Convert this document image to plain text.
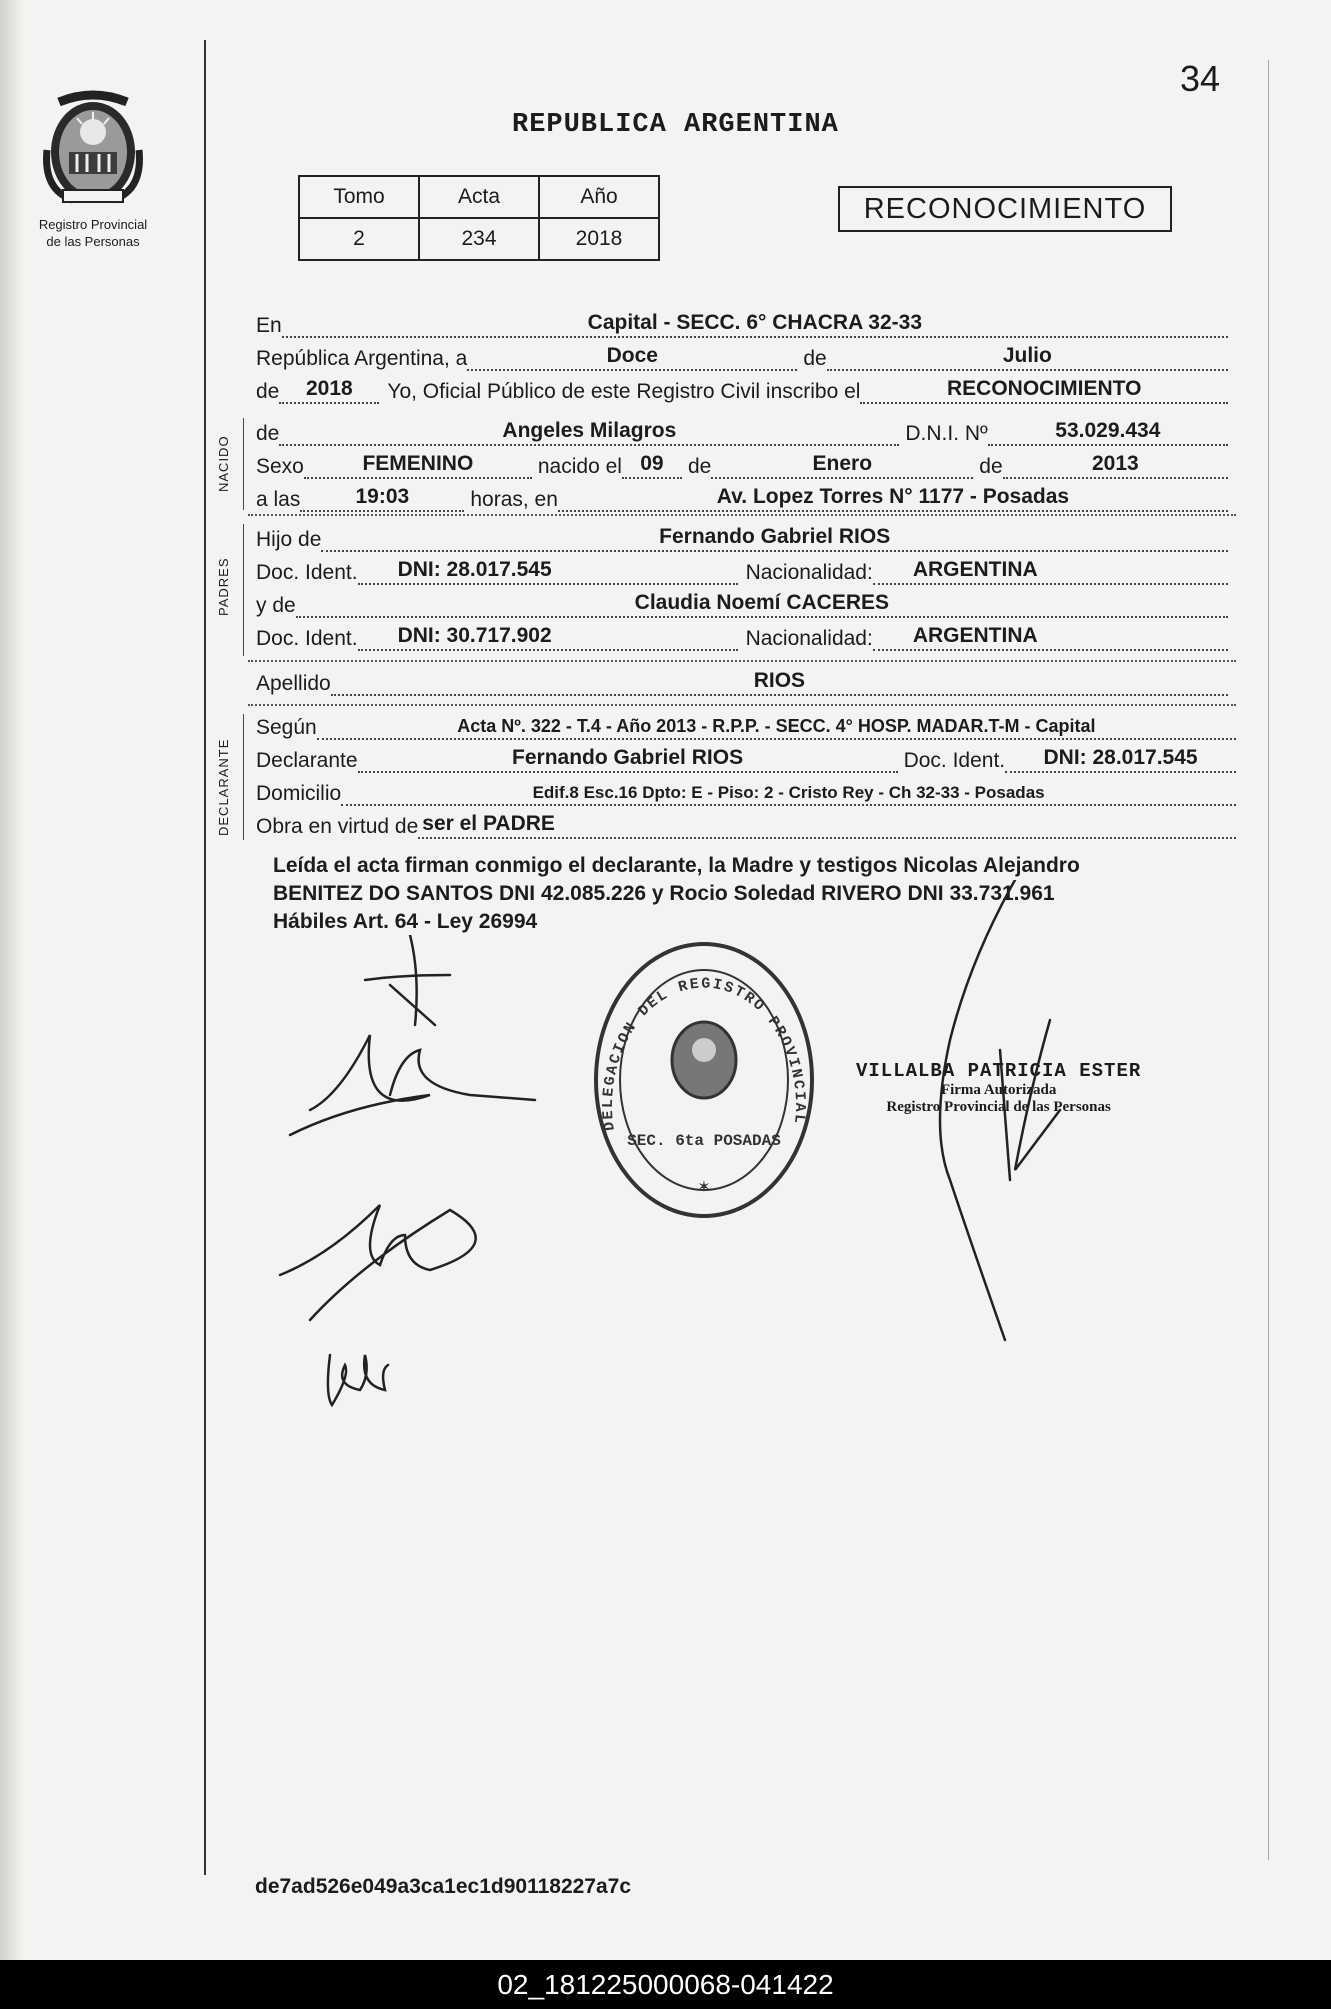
34
Registro Provincial
de las Personas
REPUBLICA ARGENTINA
Tomo	Acta	Año
2	234	2018
RECONOCIMIENTO
En	Capital - SECC. 6° CHACRA 32-33
República Argentina, a	Doce	de	Julio
de	2018	Yo, Oficial Público de este Registro Civil inscribo el	RECONOCIMIENTO
NACIDO
de	Angeles Milagros	D.N.I. Nº	53.029.434
Sexo	FEMENINO	nacido el 09	de	Enero	de	2013
a las	19:03	horas, en	Av. Lopez Torres N° 1177 - Posadas
PADRES
Hijo de	Fernando Gabriel RIOS
Doc. Ident.	DNI: 28.017.545	Nacionalidad:	ARGENTINA
y de	Claudia Noemí CACERES
Doc. Ident.	DNI: 30.717.902	Nacionalidad:	ARGENTINA
Apellido	RIOS
DECLARANTE
Según	Acta Nº. 322 - T.4 - Año 2013 - R.P.P. - SECC. 4° HOSP. MADAR.T-M - Capital
Declarante	Fernando Gabriel RIOS	Doc. Ident.	DNI: 28.017.545
Domicilio	Edif.8 Esc.16 Dpto: E - Piso: 2 - Cristo Rey - Ch 32-33 - Posadas
Obra en virtud de ser el PADRE
Leída el acta firman conmigo el declarante, la Madre y testigos Nicolas Alejandro
BENITEZ DO SANTOS DNI 42.085.226 y Rocio Soledad RIVERO DNI 33.731.961
Hábiles Art. 64 - Ley 26994
DELEGACION DEL REGISTRO PROVINCIAL
SEC. 6ta POSADAS
✶
VILLALBA PATRICIA ESTER
Firma Autorizada
Registro Provincial de las Personas
de7ad526e049a3ca1ec1d90118227a7c
02_181225000068-041422
